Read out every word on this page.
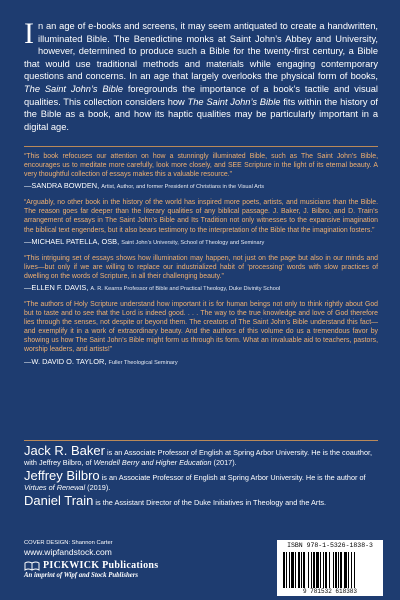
In an age of e-books and screens, it may seem antiquated to create a handwritten, illuminated Bible. The Benedictine monks at Saint John’s Abbey and University, however, determined to produce such a Bible for the twenty-first century, a Bible that would use traditional methods and materials while engaging contemporary questions and concerns. In an age that largely overlooks the physical form of books, The Saint John’s Bible foregrounds the importance of a book’s tactile and visual qualities. This collection considers how The Saint John’s Bible fits within the history of the Bible as a book, and how its haptic qualities may be particularly important in a digital age.
“This book refocuses our attention on how a stunningly illuminated Bible, such as The Saint John’s Bible, encourages us to meditate more carefully, look more closely, and SEE Scripture in the light of its eternal beauty. A very thoughtful collection of essays makes this a valuable resource.”
—SANDRA BOWDEN, Artist, Author, and former President of Christians in the Visual Arts
“Arguably, no other book in the history of the world has inspired more poets, artists, and musicians than the Bible. The reason goes far deeper than the literary qualities of any biblical passage. J. Baker, J. Bilbro, and D. Train’s arrangement of essays in The Saint John’s Bible and Its Tradition not only witnesses to the expansive imagination the biblical text engenders, but it also bears testimony to the interpretation of the Bible that the imagination fosters.”
—MICHAEL PATELLA, OSB, Saint John’s University, School of Theology and Seminary
“This intriguing set of essays shows how illumination may happen, not just on the page but also in our minds and lives—but only if we are willing to replace our industrialized habit of ‘processing’ words with slow practices of dwelling on the words of Scripture, in all their challenging beauty.”
—ELLEN F. DAVIS, A. R. Kearns Professor of Bible and Practical Theology, Duke Divinity School
“The authors of Holy Scripture understand how important it is for human beings not only to think rightly about God but to taste and to see that the Lord is indeed good. . . . The way to the true knowledge and love of God therefore lies through the senses, not despite or beyond them. The creators of The Saint John’s Bible understand this fact—and exemplify it in a work of extraordinary beauty. And the authors of this volume do us a tremendous favor by showing us how The Saint John’s Bible might form us through its form. What an invaluable aid to teachers, pastors, worship leaders, and artists!”
—W. DAVID O. TAYLOR, Fuller Theological Seminary
Jack R. Baker is an Associate Professor of English at Spring Arbor University. He is the coauthor, with Jeffrey Bilbro, of Wendell Berry and Higher Education (2017).
Jeffrey Bilbro is an Associate Professor of English at Spring Arbor University. He is the author of Virtues of Renewal (2019).
Daniel Train is the Assistant Director of the Duke Initiatives in Theology and the Arts.
COVER DESIGN: Shannon Carter
www.wipfandstock.com
PICKWICK Publications
An imprint of Wipf and Stock Publishers
ISBN 978-1-5326-1838-3
9 781532 618383
